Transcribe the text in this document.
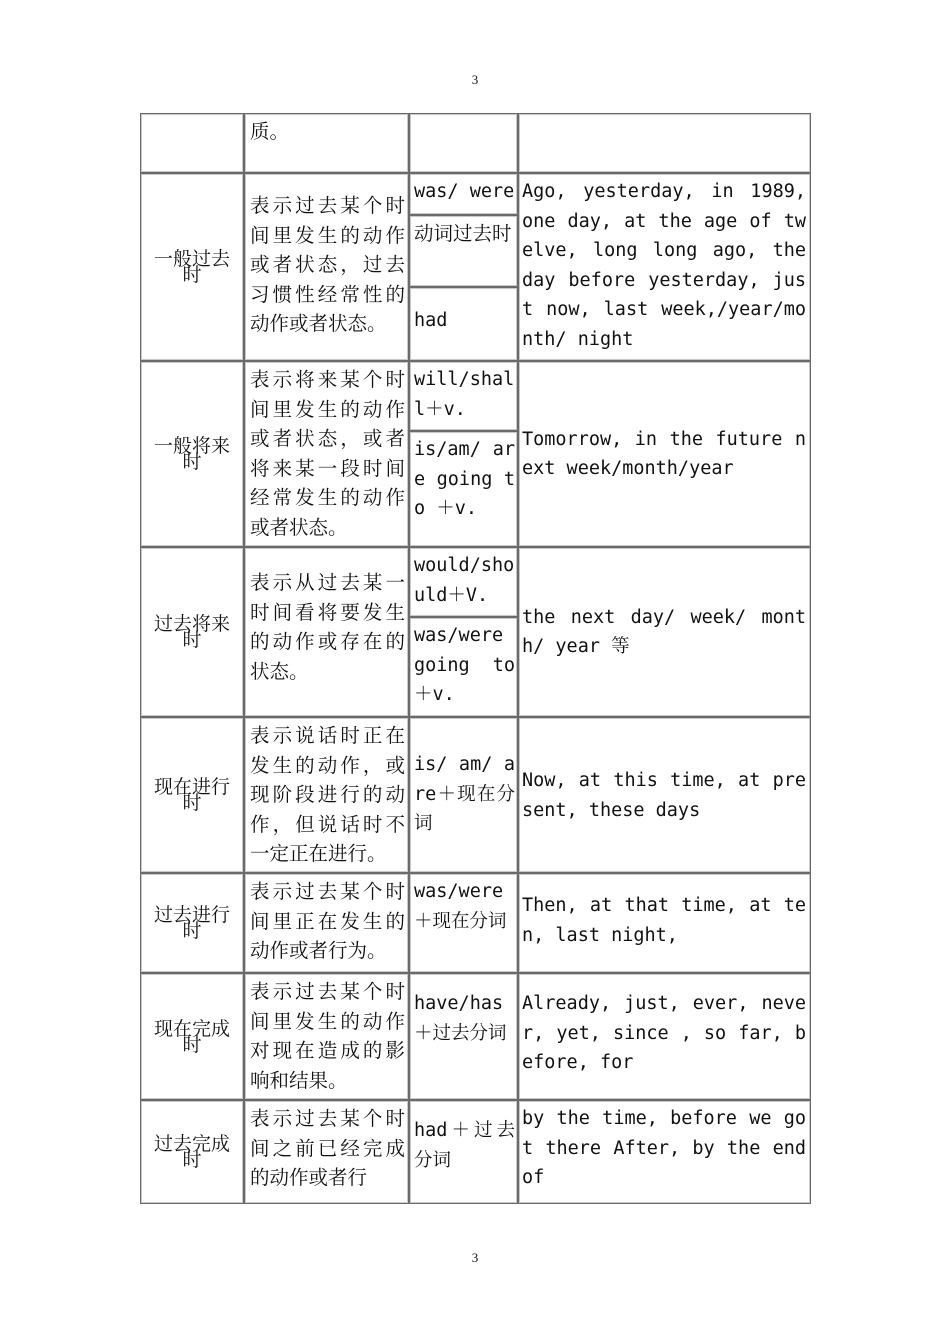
3
质。
一般过去时
表示过去某个时间里发生的动作或者状态，过去习惯性经常性的动作或者状态。
was/ were
动词过去时
had
Ago, yesterday, in 1989, one day, at the age of twelve, long long ago, the day before yesterday, just now, last week,/year/month/ night
一般将来时
表示将来某个时间里发生的动作或者状态，或者将来某一段时间经常发生的动作或者状态。
will/shall＋v.
is/am/ are going to ＋v.
Tomorrow, in the future next week/month/year
过去将来时
表示从过去某一时间看将要发生的动作或存在的状态。
would/should＋V.
was/were going to ＋v.
the next day/ week/ month/ year 等
现在进行时
表示说话时正在发生的动作，或现阶段进行的动作，但说话时不一定正在进行。
is/ am/ are＋现在分词
Now, at this time, at present, these days
过去进行时
表示过去某个时间里正在发生的动作或者行为。
was/were ＋现在分词
Then, at that time, at ten, last night,
现在完成时
表示过去某个时间里发生的动作对现在造成的影响和结果。
have/has ＋过去分词
Already, just, ever, never, yet, since , so far, before, for
过去完成时
表示过去某个时间之前已经完成的动作或者行
had＋过去分词
by the time, before we got there After, by the end of
3
